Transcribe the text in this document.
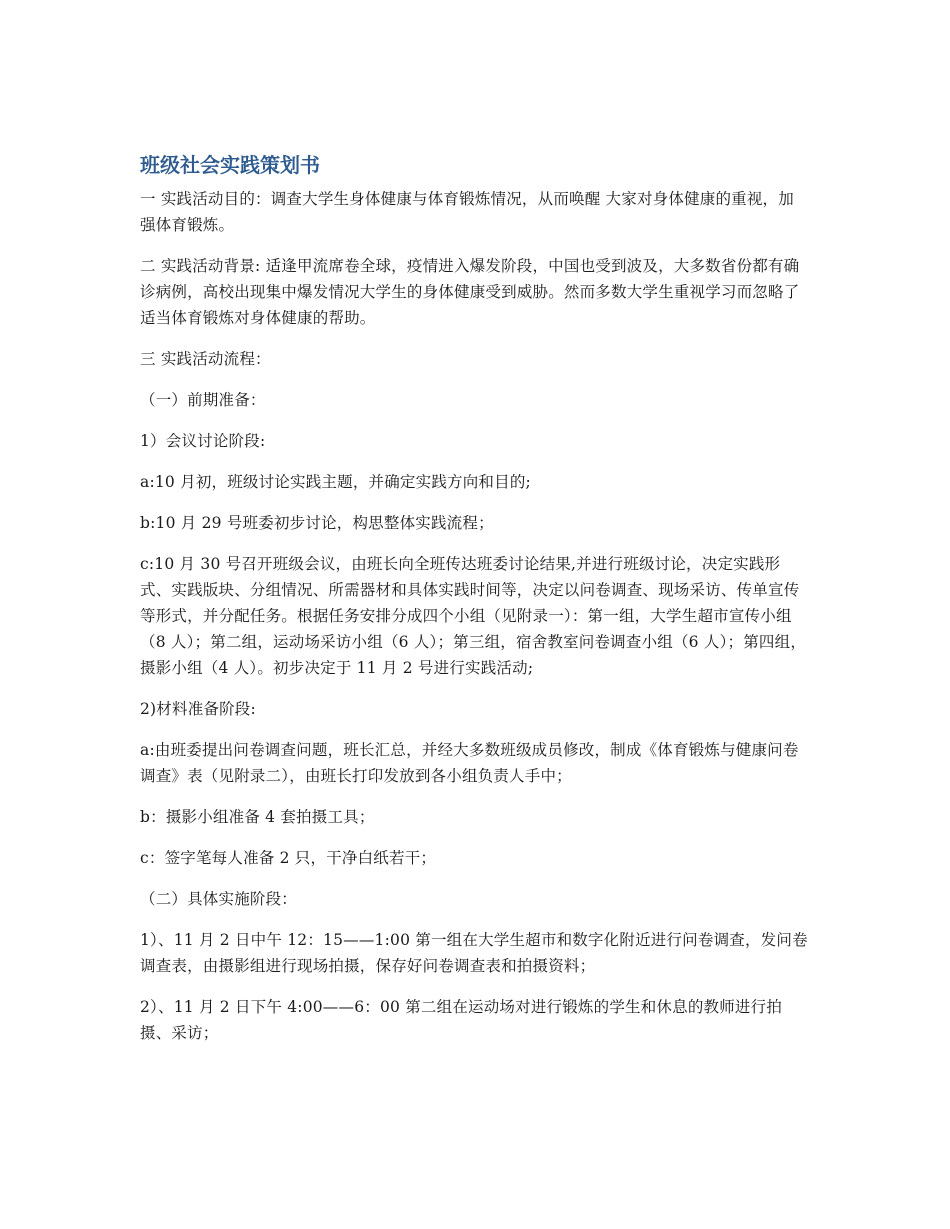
班级社会实践策划书

一 实践活动目的：调查大学生身体健康与体育锻炼情况，从而唤醒 大家对身体健康的重视，加强体育锻炼。

二 实践活动背景: 适逢甲流席卷全球，疫情进入爆发阶段，中国也受到波及，大多数省份都有确诊病例，高校出现集中爆发情况大学生的身体健康受到威胁。然而多数大学生重视学习而忽略了适当体育锻炼对身体健康的帮助。

三 实践活动流程：

（一）前期准备：

1）会议讨论阶段:

a:10 月初，班级讨论实践主题，并确定实践方向和目的;

b:10 月 29 号班委初步讨论，构思整体实践流程；

c:10 月 30 号召开班级会议，由班长向全班传达班委讨论结果,并进行班级讨论，决定实践形式、实践版块、分组情况、所需器材和具体实践时间等，决定以问卷调查、现场采访、传单宣传等形式，并分配任务。根据任务安排分成四个小组（见附录一）：第一组，大学生超市宣传小组（8 人）；第二组，运动场采访小组（6 人）；第三组，宿舍教室问卷调查小组（6 人）；第四组，摄影小组（4 人）。初步决定于 11 月 2 号进行实践活动;

2)材料准备阶段:

a:由班委提出问卷调查问题，班长汇总，并经大多数班级成员修改，制成《体育锻炼与健康问卷调查》表（见附录二），由班长打印发放到各小组负责人手中；

b：摄影小组准备 4 套拍摄工具；

c：签字笔每人准备 2 只，干净白纸若干；

（二）具体实施阶段：

1）、11 月 2 日中午 12：15——1:00 第一组在大学生超市和数字化附近进行问卷调查，发问卷调查表，由摄影组进行现场拍摄，保存好问卷调查表和拍摄资料；

2）、11 月 2 日下午 4:00——6：00 第二组在运动场对进行锻炼的学生和休息的教师进行拍摄、采访；
